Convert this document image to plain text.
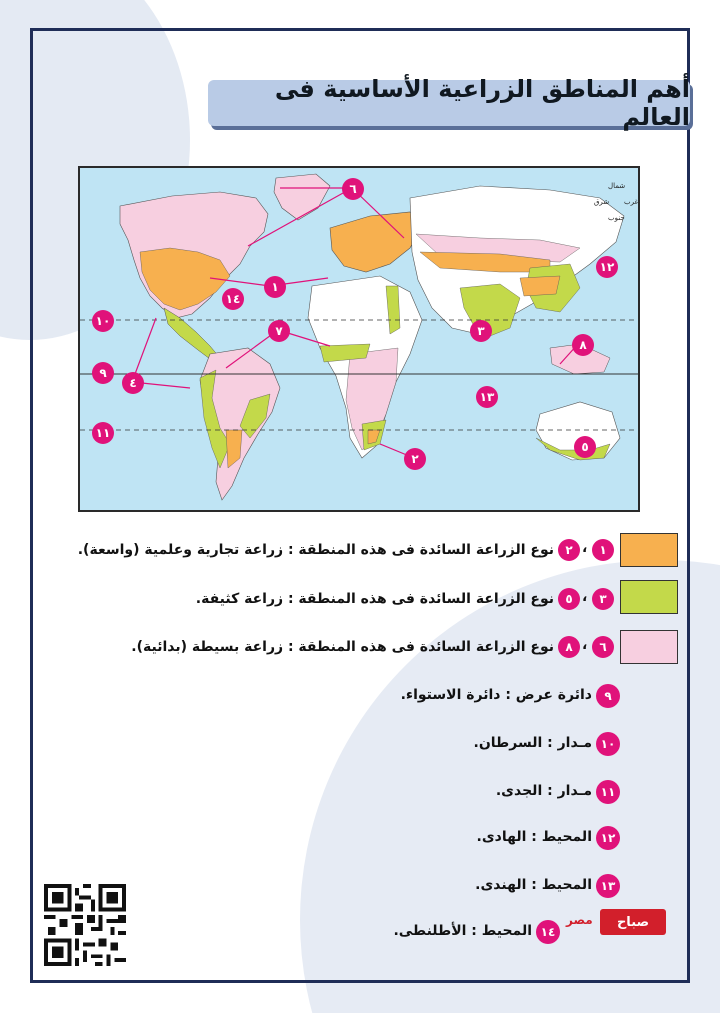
أهم المناطق الزراعية الأساسية فى العالم
شمال
جنوب
شرق غرب
١
٢
٣
٤
٥
٦
٧
٨
٩
١٠
١١
١٢
١٣
١٤
١
،
٢
نوع الزراعة السائدة فى هذه المنطقة : زراعة تجارية وعلمية (واسعة).
٣
،
٥
نوع الزراعة السائدة فى هذه المنطقة : زراعة كثيفة.
٦
،
٨
نوع الزراعة السائدة فى هذه المنطقة : زراعة بسيطة (بدائية).
٩
دائرة عرض : دائرة الاستواء.
١٠
مـدار : السرطان.
١١
مـدار : الجدى.
١٢
المحيط : الهادى.
١٣
المحيط : الهندى.
١٤
المحيط : الأطلنطى.
مصر	صباح
